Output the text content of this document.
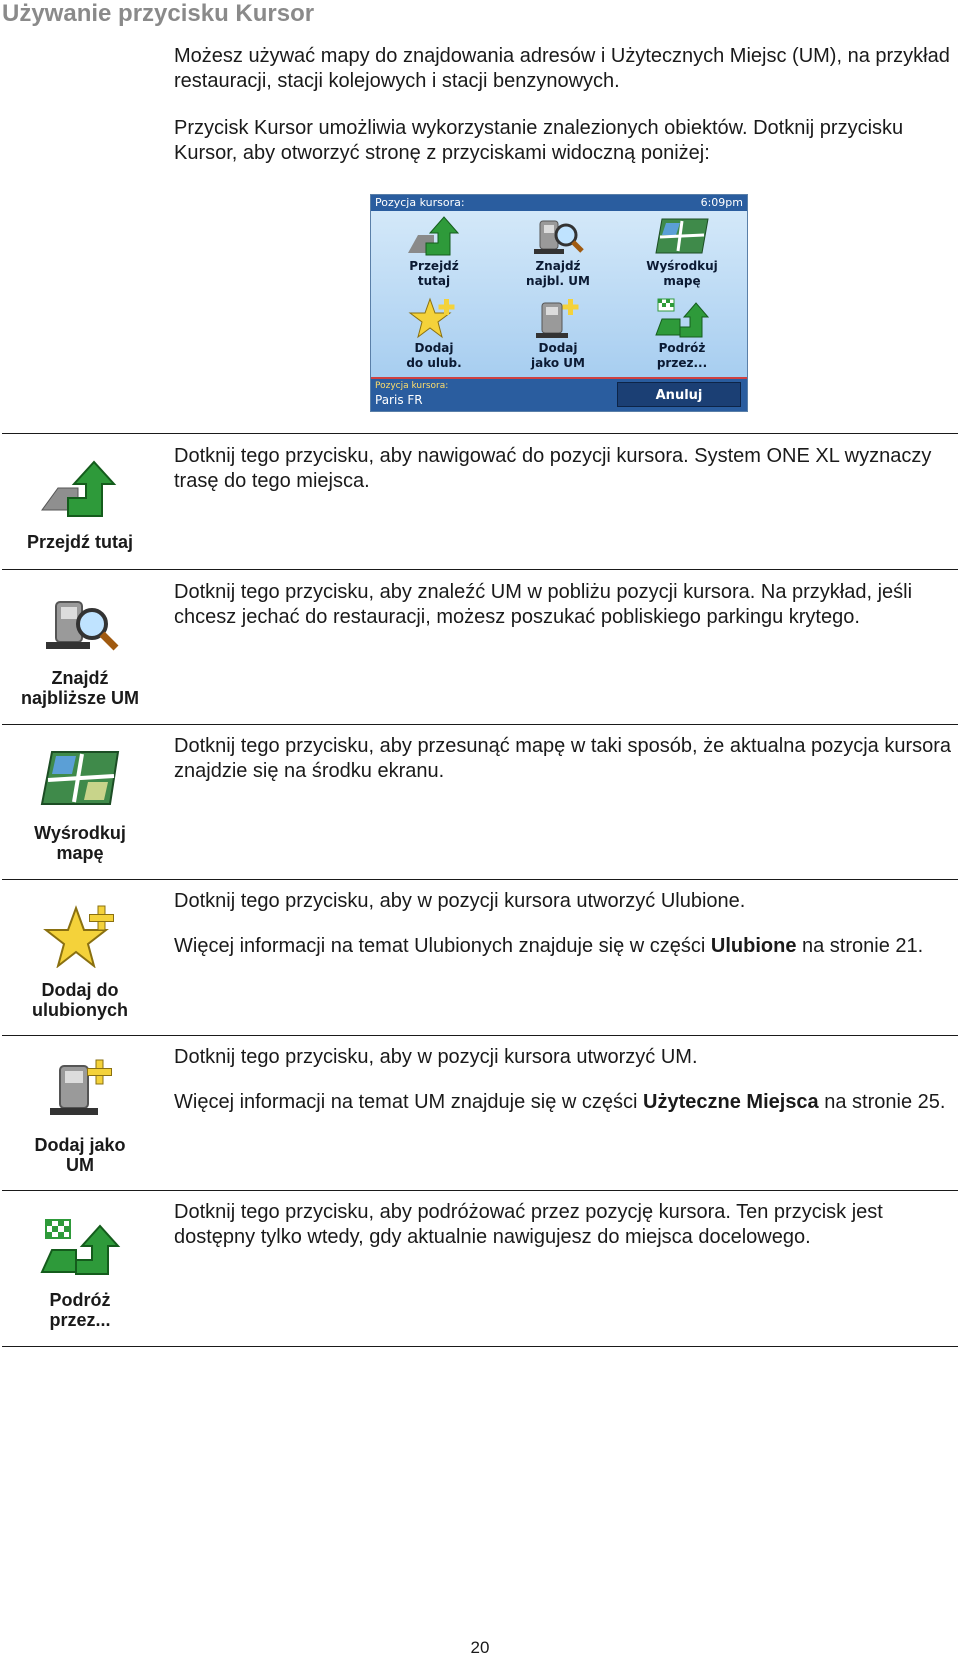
Używanie przycisku Kursor
Możesz używać mapy do znajdowania adresów i Użytecznych Miejsc (UM), na przykład restauracji, stacji kolejowych i stacji benzynowych.
Przycisk Kursor umożliwia wykorzystanie znalezionych obiektów. Dotknij przycisku Kursor, aby otworzyć stronę z przyciskami widoczną poniżej:
Pozycja kursora:	6:09pm
Przejdź
tutaj
Znajdź
najbl. UM
Wyśrodkuj
mapę
Dodaj
do ulub.
Dodaj
jako UM
Podróż
przez...
Pozycja kursora:
Paris FR	Anuluj
Przejdź tutaj

Dotknij tego przycisku, aby nawigować do pozycji kursora. System ONE XL wyznaczy trasę do tego miejsca.

Znajdź
najbliższe UM

Dotknij tego przycisku, aby znaleźć UM w pobliżu pozycji kursora. Na przykład, jeśli chcesz jechać do restauracji, możesz poszukać pobliskiego parkingu krytego.

Wyśrodkuj
mapę

Dotknij tego przycisku, aby przesunąć mapę w taki sposób, że aktualna pozycja kursora znajdzie się na środku ekranu.

Dodaj do
ulubionych

Dotknij tego przycisku, aby w pozycji kursora utworzyć Ulubione.

Więcej informacji na temat Ulubionych znajduje się w części Ulubione na stronie 21.

Dodaj jako
UM

Dotknij tego przycisku, aby w pozycji kursora utworzyć UM.

Więcej informacji na temat UM znajduje się w części Użyteczne Miejsca na stronie 25.

Podróż
przez...

Dotknij tego przycisku, aby podróżować przez pozycję kursora. Ten przycisk jest dostępny tylko wtedy, gdy aktualnie nawigujesz do miejsca docelowego.

20
